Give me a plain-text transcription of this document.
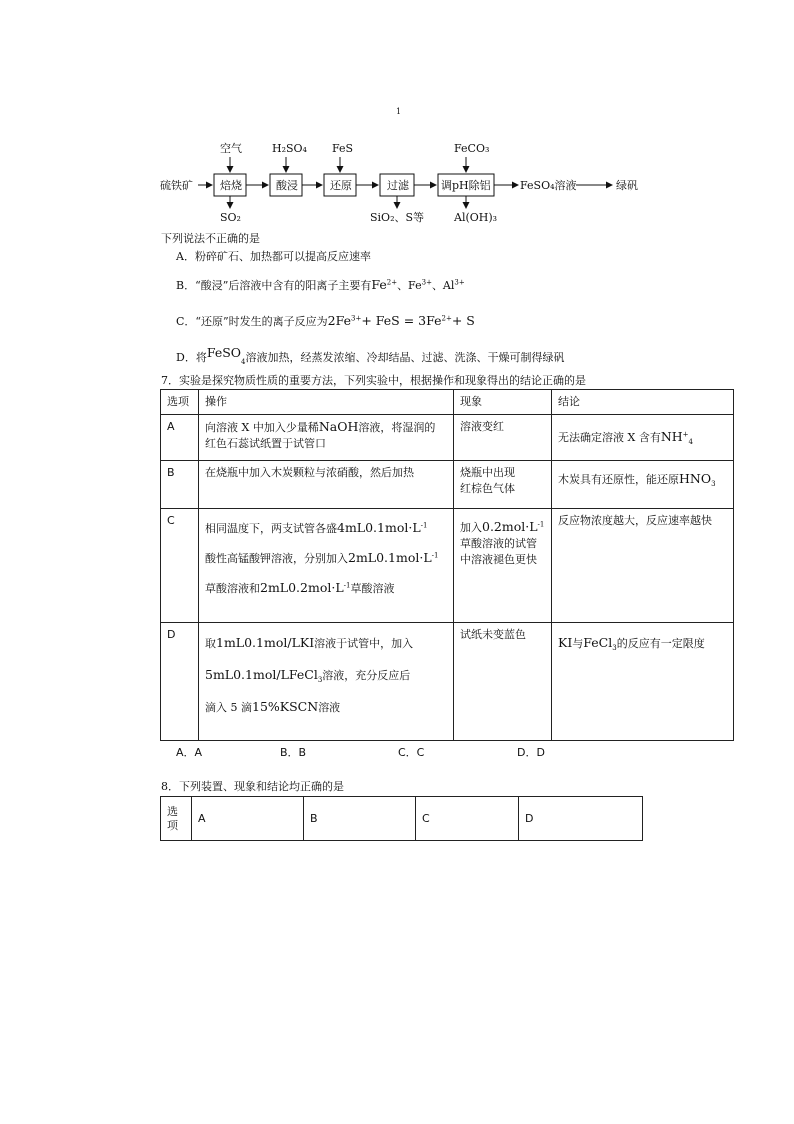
1
硫铁矿 焙烧	酸浸	还原	过滤	调pH除铝	FeSO₄溶液	绿矾
空气	H₂SO₄ FeS	FeCO₃
SO₂	SiO₂、S等	Al(OH)₃
下列说法不正确的是
A．粉碎矿石、加热都可以提高反应速率
B．“酸浸”后溶液中含有的阳离子主要有$Fe^{2+}$、$Fe^{3+}$、$Al^{3+}$
C．“还原”时发生的离子反应为$2Fe^{3+}+$ FeS = $3Fe^{2+}+ S$
D．将FeSO$_4$溶液加热，经蒸发浓缩、冷却结晶、过滤、洗涤、干燥可制得绿矾
7．实验是探究物质性质的重要方法，下列实验中，根据操作和现象得出的结论正确的是
选项	操作	现象	结论
A	向溶液 X 中加入少量稀NaOH溶液，将湿润的
红色石蕊试纸置于试管口	溶液变红	无法确定溶液 X 含有$NH^+_4$
B	在烧瓶中加入木炭颗粒与浓硝酸，然后加热	烧瓶中出现
红棕色气体	木炭具有还原性，能还原$HNO_3$
C	相同温度下，两支试管各盛$4mL0.1mol\cdot L^{-1}$
酸性高锰酸钾溶液，分别加入$2mL0.1mol\cdot L^{-1}$
草酸溶液和$2mL0.2mol\cdot L^{-1}$草酸溶液	加入$0.2mol\cdot L^{-1}$
草酸溶液的试管
中溶液褪色更快	反应物浓度越大，反应速率越快
D	取1mL0.1mol/LKI溶液于试管中，加入
5mL0.1mol/LFeCl$_3$溶液，充分反应后
滴入 5 滴15%KSCN溶液	试纸未变蓝色	KI与FeCl$_3$的反应有一定限度
A．A	B．B	C．C	D．D
8．下列装置、现象和结论均正确的是
选项	A	B	C	D
